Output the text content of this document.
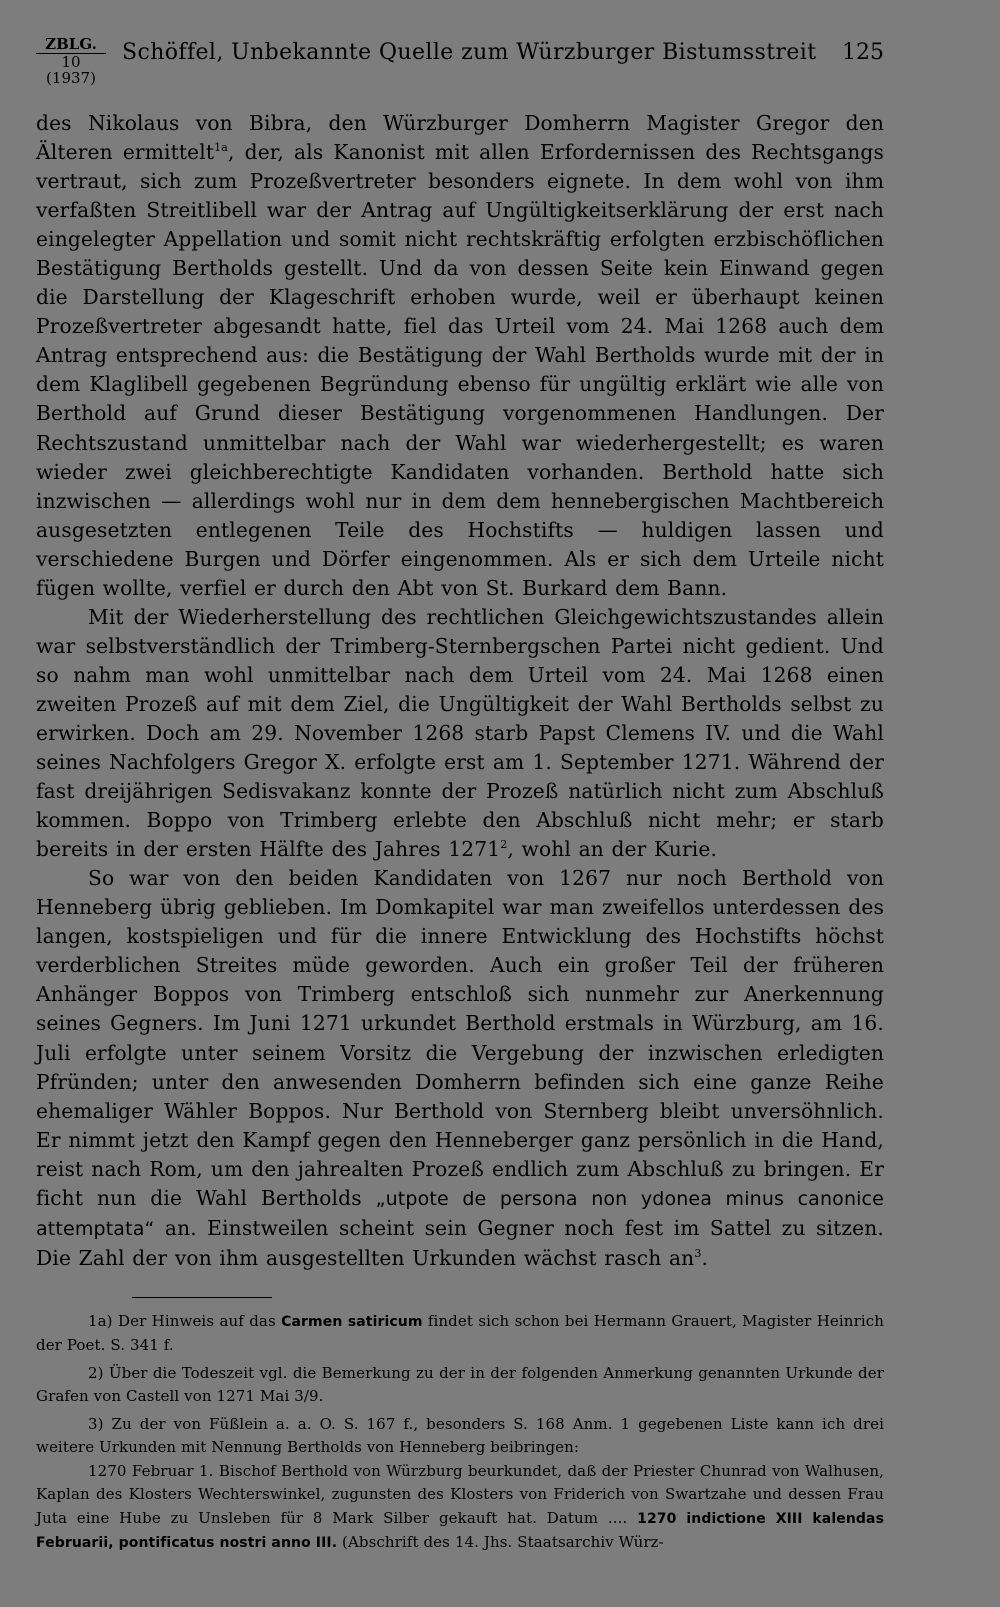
ZBLG.
10 (1937)
Schöffel, Unbekannte Quelle zum Würzburger Bistumsstreit 125

des Nikolaus von Bibra, den Würzburger Domherrn Magister Gregor den Älteren ermittelt$^{1a}$, der, als Kanonist mit allen Erfordernissen des Rechtsgangs vertraut, sich zum Prozeßvertreter besonders eignete. In dem wohl von ihm verfaßten Streitlibell war der Antrag auf Ungültigkeitserklärung der erst nach eingelegter Appellation und somit nicht rechtskräftig erfolgten erzbischöflichen Bestätigung Bertholds gestellt. Und da von dessen Seite kein Einwand gegen die Darstellung der Klageschrift erhoben wurde, weil er überhaupt keinen Prozeßvertreter abgesandt hatte, fiel das Urteil vom 24. Mai 1268 auch dem Antrag entsprechend aus: die Bestätigung der Wahl Bertholds wurde mit der in dem Klaglibell gegebenen Begründung ebenso für ungültig erklärt wie alle von Berthold auf Grund dieser Bestätigung vorgenommenen Handlungen. Der Rechtszustand unmittelbar nach der Wahl war wiederhergestellt; es waren wieder zwei gleichberechtigte Kandidaten vorhanden. Berthold hatte sich inzwischen — allerdings wohl nur in dem dem hennebergischen Machtbereich ausgesetzten entlegenen Teile des Hochstifts — huldigen lassen und verschiedene Burgen und Dörfer eingenommen. Als er sich dem Urteile nicht fügen wollte, verfiel er durch den Abt von St. Burkard dem Bann.

Mit der Wiederherstellung des rechtlichen Gleichgewichtszustandes allein war selbstverständlich der Trimberg-Sternbergschen Partei nicht gedient. Und so nahm man wohl unmittelbar nach dem Urteil vom 24. Mai 1268 einen zweiten Prozeß auf mit dem Ziel, die Ungültigkeit der Wahl Bertholds selbst zu erwirken. Doch am 29. November 1268 starb Papst Clemens IV. und die Wahl seines Nachfolgers Gregor X. erfolgte erst am 1. September 1271. Während der fast dreijährigen Sedisvakanz konnte der Prozeß natürlich nicht zum Abschluß kommen. Boppo von Trimberg erlebte den Abschluß nicht mehr; er starb bereits in der ersten Hälfte des Jahres 1271$^2$, wohl an der Kurie.

So war von den beiden Kandidaten von 1267 nur noch Berthold von Henneberg übrig geblieben. Im Domkapitel war man zweifellos unterdessen des langen, kostspieligen und für die innere Entwicklung des Hochstifts höchst verderblichen Streites müde geworden. Auch ein großer Teil der früheren Anhänger Boppos von Trimberg entschloß sich nunmehr zur Anerkennung seines Gegners. Im Juni 1271 urkundet Berthold erstmals in Würzburg, am 16. Juli erfolgte unter seinem Vorsitz die Vergebung der inzwischen erledigten Pfründen; unter den anwesenden Domherrn befinden sich eine ganze Reihe ehemaliger Wähler Boppos. Nur Berthold von Sternberg bleibt unversöhnlich. Er nimmt jetzt den Kampf gegen den Henneberger ganz persönlich in die Hand, reist nach Rom, um den jahrealten Prozeß endlich zum Abschluß zu bringen. Er ficht nun die Wahl Bertholds „utpote de persona non ydonea minus canonice attemptata“ an. Einstweilen scheint sein Gegner noch fest im Sattel zu sitzen. Die Zahl der von ihm ausgestellten Urkunden wächst rasch $an^3$.

1a) Der Hinweis auf das Carmen satiricum findet sich schon bei Hermann Grauert, Magister Heinrich der Poet. S. 341 f.

2) Über die Todeszeit vgl. die Bemerkung zu der in der folgenden Anmerkung genannten Urkunde der Grafen von Castell von 1271 Mai 3/9.

3) Zu der von Füßlein a. a. O. S. 167 f., besonders S. 168 Anm. 1 gegebenen Liste kann ich drei weitere Urkunden mit Nennung Bertholds von Henneberg beibringen:

1270 Februar 1. Bischof Berthold von Würzburg beurkundet, daß der Priester Chunrad von Walhusen, Kaplan des Klosters Wechterswinkel, zugunsten des Klosters von Friderich von Swartzahe und dessen Frau Juta eine Hube zu Unsleben für 8 Mark Silber gekauft hat. Datum .... 1270 indictione XIII kalendas Februarii, pontificatus nostri anno III. (Abschrift des 14. Jhs. Staatsarchiv Würz-
